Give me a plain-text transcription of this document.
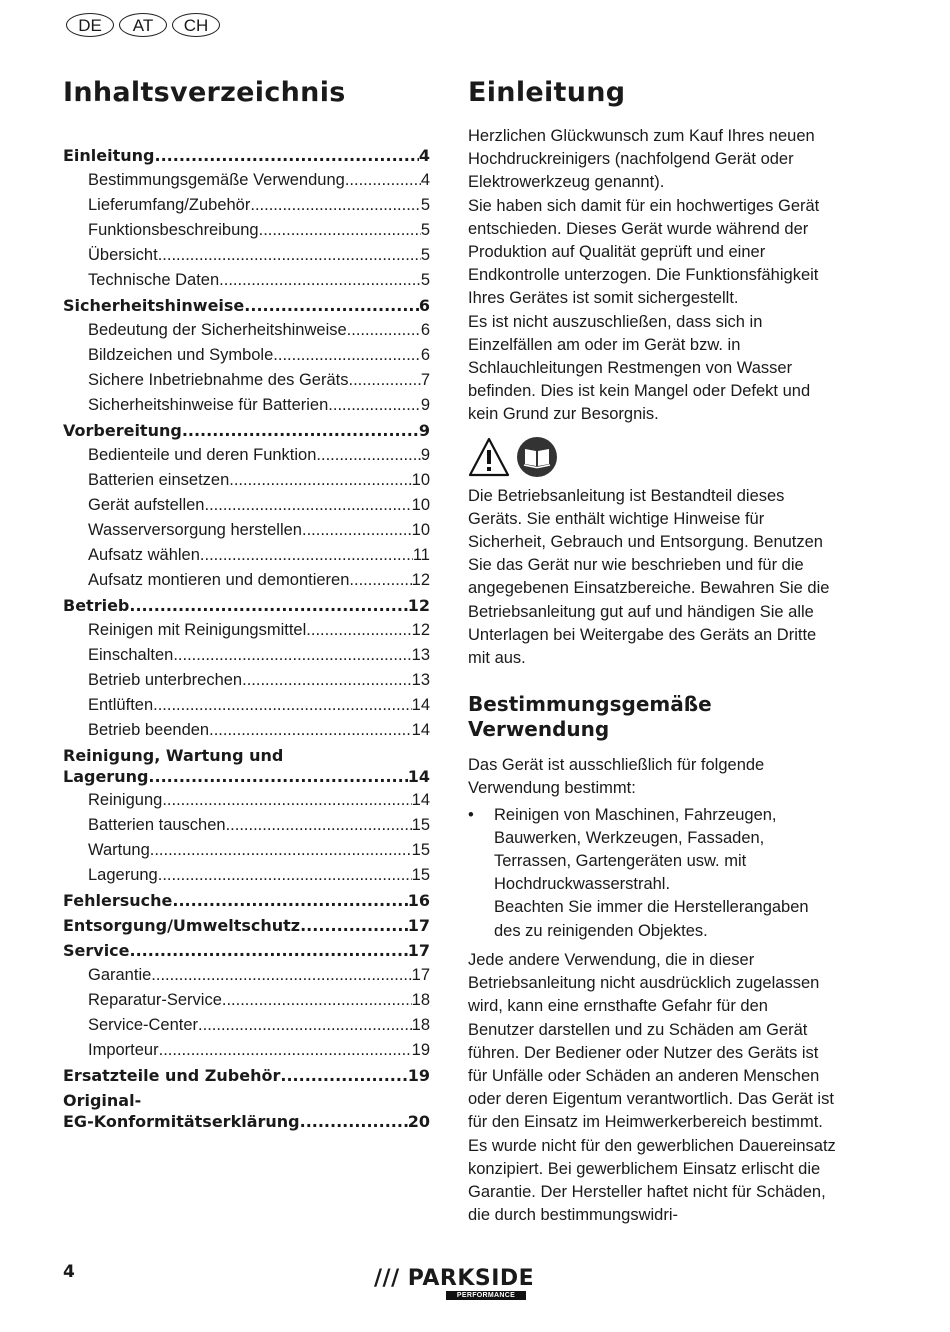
DE	AT	CH
Inhaltsverzeichnis	Einleitung
Einleitung .....	4
Bestimmungsgemäße Verwendung .....	4
Lieferumfang/Zubehör .....	5
Funktionsbeschreibung .....	5
Übersicht .....	5
Technische Daten .....	5
Sicherheitshinweise .....	6
Bedeutung der Sicherheitshinweise .....	6
Bildzeichen und Symbole .....	6
Sichere Inbetriebnahme des Geräts .....	7
Sicherheitshinweise für Batterien .....	9
Vorbereitung .....	9
Bedienteile und deren Funktion .....	9
Batterien einsetzen .....	10
Gerät aufstellen .....	10
Wasserversorgung herstellen .....	10
Aufsatz wählen .....	11
Aufsatz montieren und demontieren .....	12
Betrieb .....	12
Reinigen mit Reinigungsmittel .....	12
Einschalten .....	13
Betrieb unterbrechen .....	13
Entlüften .....	14
Betrieb beenden .....	14
Reinigung, Wartung und
Lagerung .....	14
Reinigung .....	14
Batterien tauschen .....	15
Wartung .....	15
Lagerung .....	15
Fehlersuche .....	16
Entsorgung/Umweltschutz .....	17
Service .....	17
Garantie .....	17
Reparatur-Service .....	18
Service-Center .....	18
Importeur .....	19
Ersatzteile und Zubehör .....	19
Original-
EG-Konformitätserklärung .....	20

Herzlichen Glückwunsch zum Kauf Ihres neuen Hochdruckreinigers (nachfolgend Gerät oder Elektrowerkzeug genannt).

Sie haben sich damit für ein hochwertiges Gerät entschieden. Dieses Gerät wurde während der Produktion auf Qualität geprüft und einer Endkontrolle unterzogen. Die Funktionsfähigkeit Ihres Gerätes ist somit sichergestellt.

Es ist nicht auszuschließen, dass sich in Einzelfällen am oder im Gerät bzw. in Schlauchleitungen Restmengen von Wasser befinden. Dies ist kein Mangel oder Defekt und kein Grund zur Besorgnis.

Die Betriebsanleitung ist Bestandteil dieses Geräts. Sie enthält wichtige Hinweise für Sicherheit, Gebrauch und Entsorgung. Benutzen Sie das Gerät nur wie beschrieben und für die angegebenen Einsatzbereiche. Bewahren Sie die Betriebsanleitung gut auf und händigen Sie alle Unterlagen bei Weitergabe des Geräts an Dritte mit aus.

Bestimmungsgemäße Verwendung

Das Gerät ist ausschließlich für folgende Verwendung bestimmt:

•	Reinigen von Maschinen, Fahrzeugen, Bauwerken, Werkzeugen, Fassaden, Terrassen, Gartengeräten usw. mit Hochdruckwasserstrahl.

Beachten Sie immer die Herstellerangaben des zu reinigenden Objektes.

Jede andere Verwendung, die in dieser Betriebsanleitung nicht ausdrücklich zugelassen wird, kann eine ernsthafte Gefahr für den Benutzer darstellen und zu Schäden am Gerät führen. Der Bediener oder Nutzer des Geräts ist für Unfälle oder Schäden an anderen Menschen oder deren Eigentum verantwortlich. Das Gerät ist für den Einsatz im Heimwerkerbereich bestimmt. Es wurde nicht für den gewerblichen Dauereinsatz konzipiert. Bei gewerblichem Einsatz erlischt die Garantie. Der Hersteller haftet nicht für Schäden, die durch bestimmungswidri-

4	/// PARKSIDE
PERFORMANCE
